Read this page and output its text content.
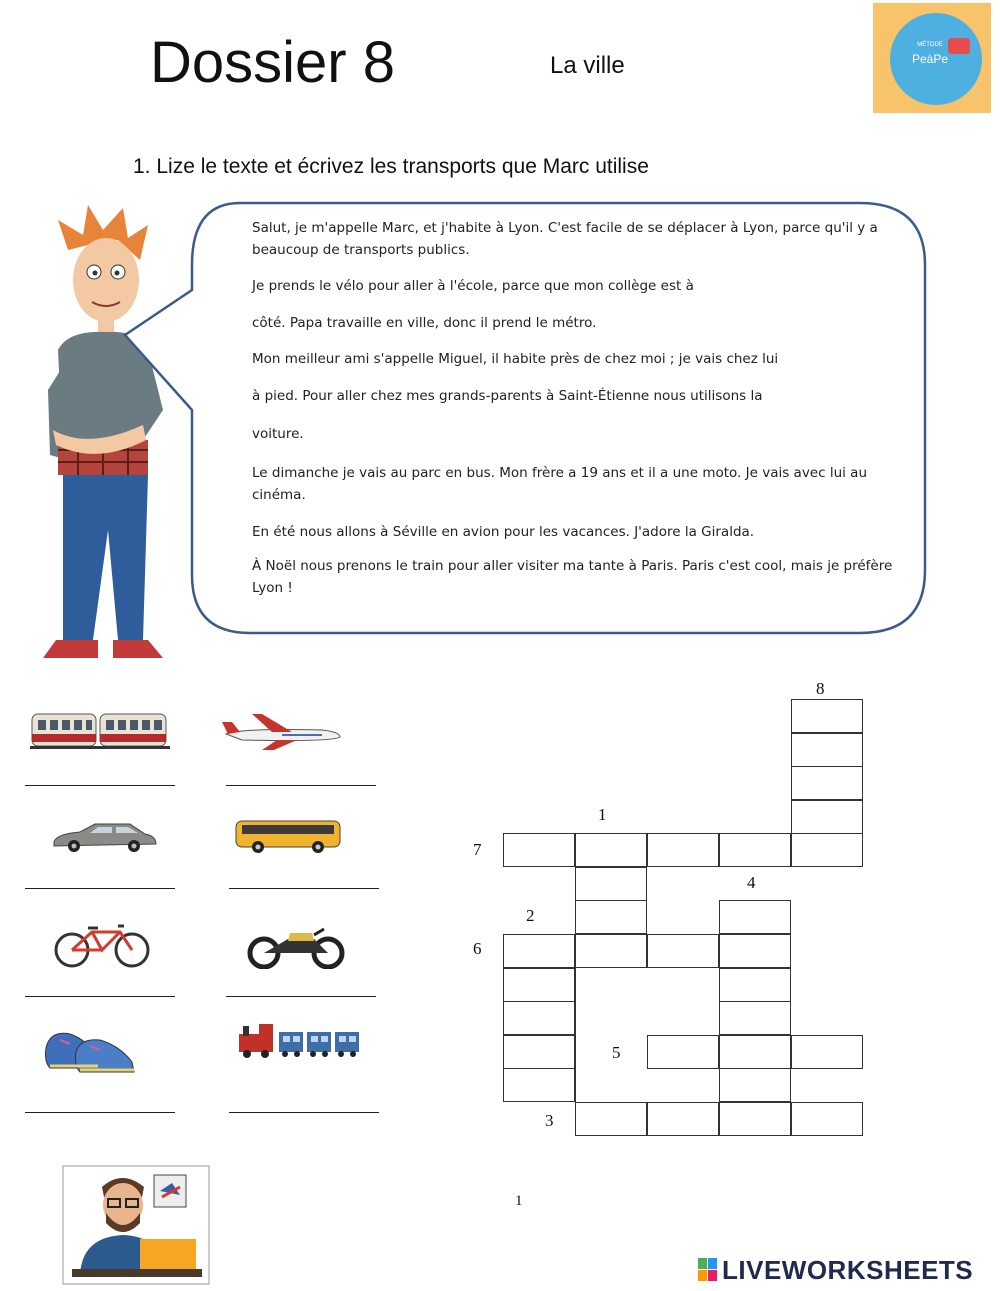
Dossier 8	La ville
MÉTODE
PeàPe
1. Lize le texte et écrivez les transports que Marc utilise
Salut, je m'appelle Marc, et j'habite à Lyon. C'est facile de se déplacer à Lyon, parce qu'il y a beaucoup de transports publics.
Je prends le vélo pour aller à l'école, parce que mon collège est à
côté. Papa travaille en ville, donc il prend le métro.
Mon meilleur ami s'appelle Miguel, il habite près de chez moi ; je vais chez lui
à pied. Pour aller chez mes grands-parents à Saint-Étienne nous utilisons la
voiture.
Le dimanche je vais au parc en bus. Mon frère a 19 ans et il a une moto. Je vais avec lui au cinéma.
En été nous allons à Séville en avion pour les vacances. J'adore la Giralda.
À Noël nous prenons le train pour aller visiter ma tante à Paris. Paris c'est cool, mais je préfère Lyon !
1
2
3
4
5
6
7
8
1
LIVEWORKSHEETS
